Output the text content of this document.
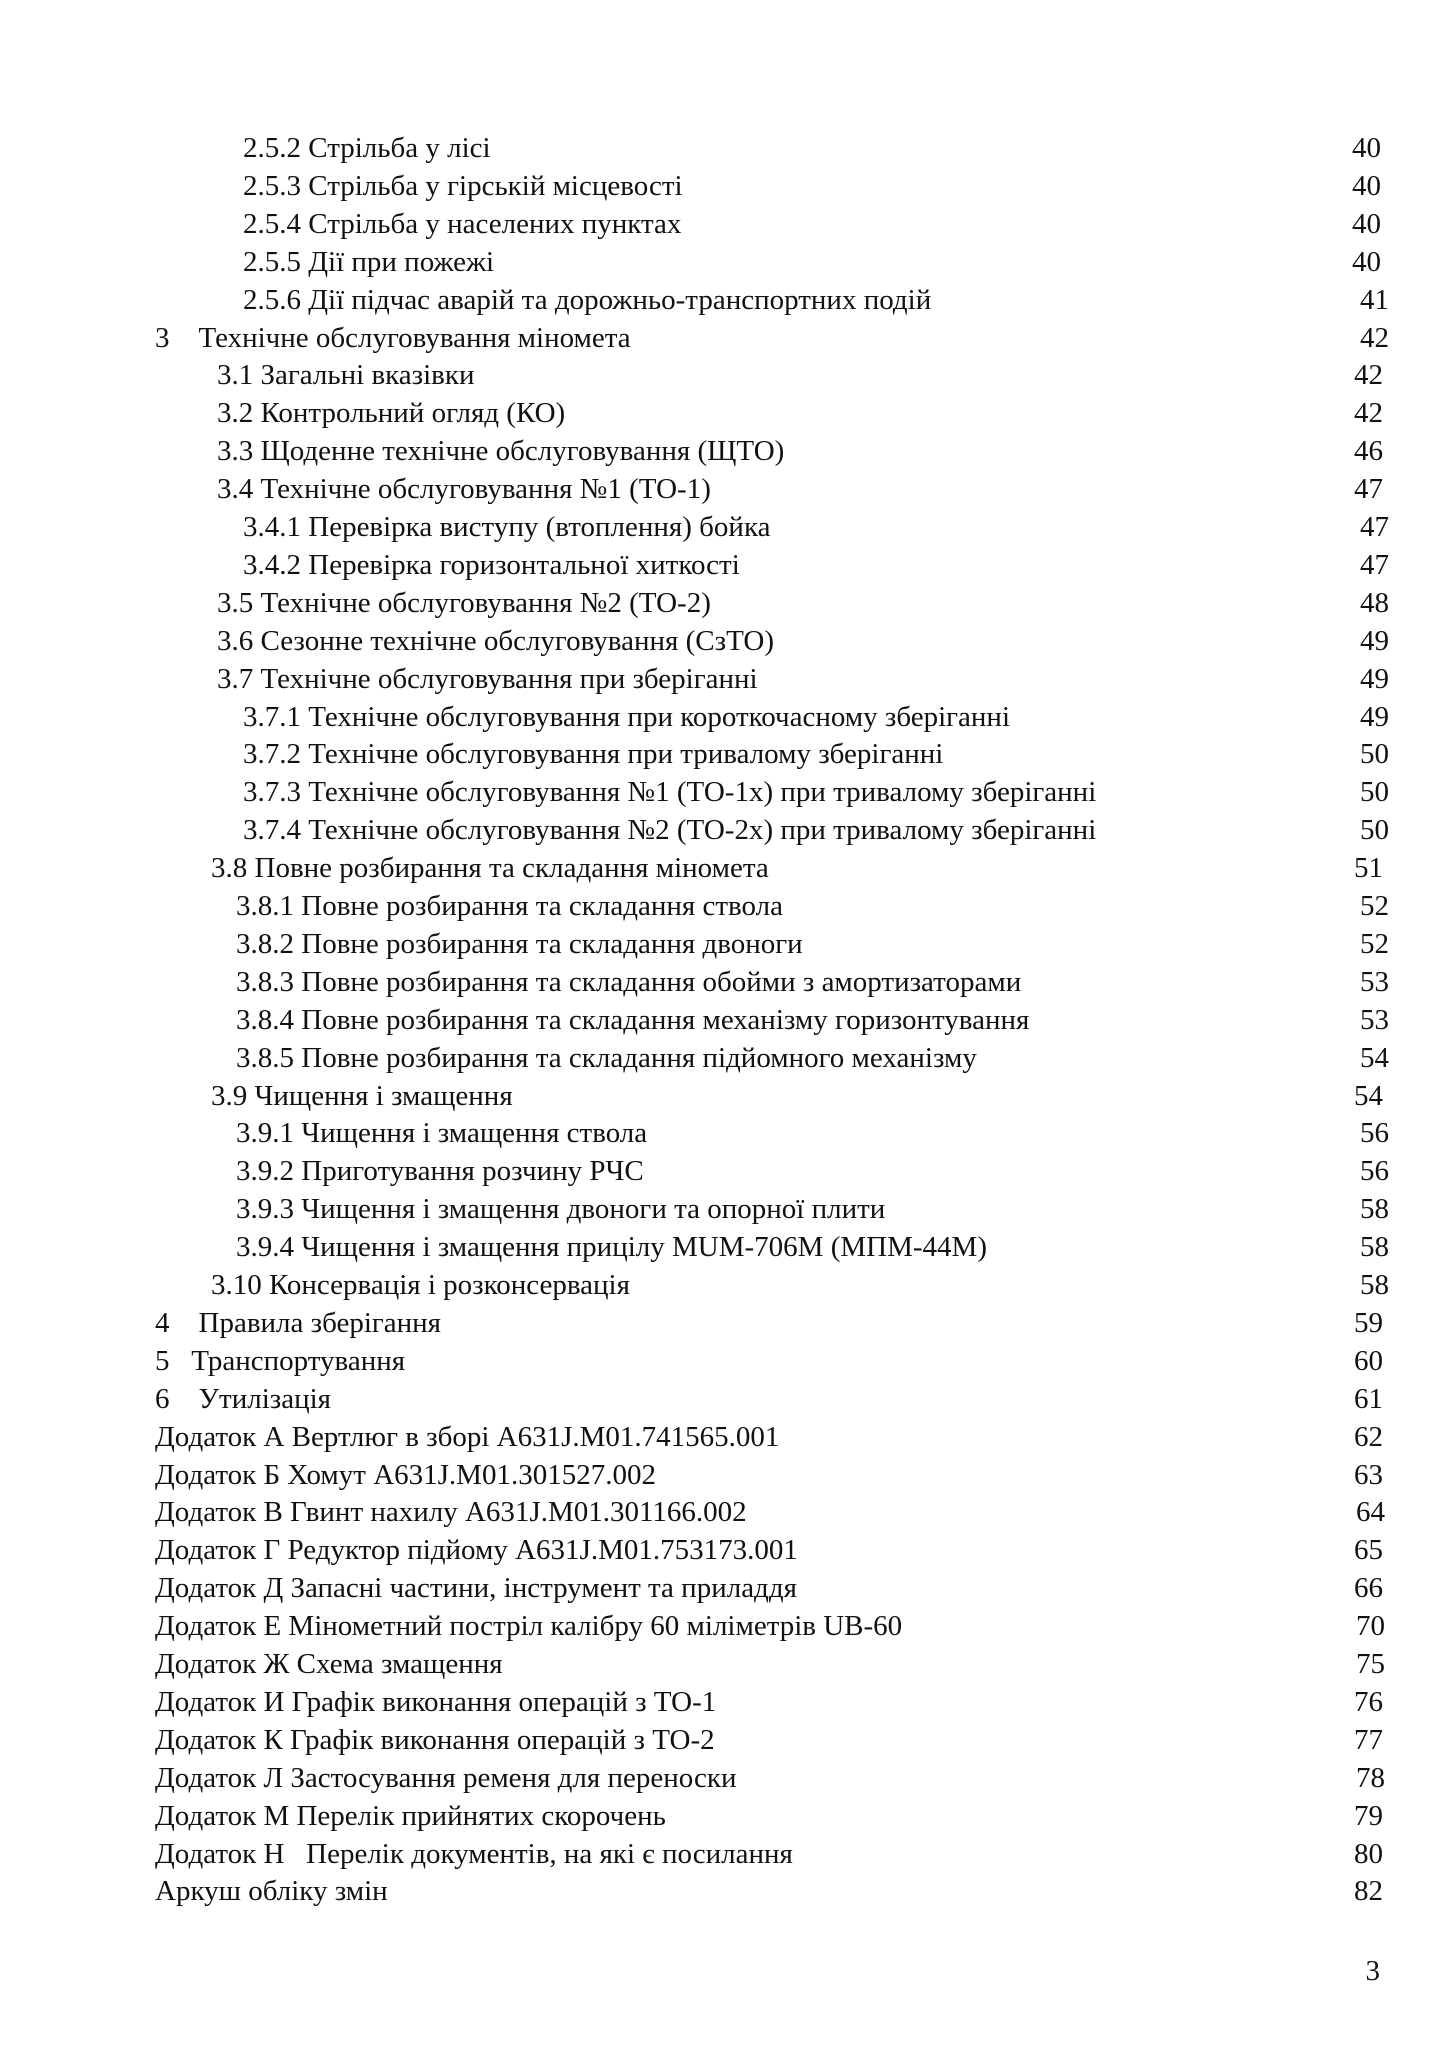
2.5.2 Стрільба у лісі	40
2.5.3 Стрільба у гірській місцевості	40
2.5.4 Стрільба у населених пунктах	40
2.5.5 Дії при пожежі	40
2.5.6 Дії підчас аварій та дорожньо-транспортних подій	41
3    Технічне обслуговування міномета	42
3.1 Загальні вказівки	42
3.2 Контрольний огляд (КО)	42
3.3 Щоденне технічне обслуговування (ЩТО)	46
3.4 Технічне обслуговування №1 (ТО-1)	47
3.4.1 Перевірка виступу (втоплення) бойка	47
3.4.2 Перевірка горизонтальної хиткості	47
3.5 Технічне обслуговування №2 (ТО-2)	48
3.6 Сезонне технічне обслуговування (СзТО)	49
3.7 Технічне обслуговування при зберіганні	49
3.7.1 Технічне обслуговування при короткочасному зберіганні	49
3.7.2 Технічне обслуговування при тривалому зберіганні	50
3.7.3 Технічне обслуговування №1 (ТО-1х) при тривалому зберіганні	50
3.7.4 Технічне обслуговування №2 (ТО-2х) при тривалому зберіганні	50
3.8 Повне розбирання та складання міномета	51
3.8.1 Повне розбирання та складання ствола	52
3.8.2 Повне розбирання та складання двоноги	52
3.8.3 Повне розбирання та складання обойми з амортизаторами	53
3.8.4 Повне розбирання та складання механізму горизонтування	53
3.8.5 Повне розбирання та складання підйомного механізму	54
3.9 Чищення і змащення	54
3.9.1 Чищення і змащення ствола	56
3.9.2 Приготування розчину РЧС	56
3.9.3 Чищення і змащення двоноги та опорної плити	58
3.9.4 Чищення і змащення прицілу MUM-706M (МПМ-44М)	58
3.10 Консервація і розконсервація	58
4    Правила зберігання	59
5   Транспортування	60
6    Утилізація	61
Додаток А Вертлюг в зборі А631J.М01.741565.001	62
Додаток Б Хомут А631J.М01.301527.002	63
Додаток В Гвинт нахилу А631J.М01.301166.002	64
Додаток Г Редуктор підйому А631J.М01.753173.001	65
Додаток Д Запасні частини, інструмент та приладдя	66
Додаток Е Мінометний постріл калібру 60 міліметрів UB-60	70
Додаток Ж Схема змащення	75
Додаток И Графік виконання операцій з ТО-1	76
Додаток К Графік виконання операцій з ТО-2	77
Додаток Л Застосування ременя для переноски	78
Додаток М Перелік прийнятих скорочень	79
Додаток Н   Перелік документів, на які є посилання	80
Аркуш обліку змін	82
3
